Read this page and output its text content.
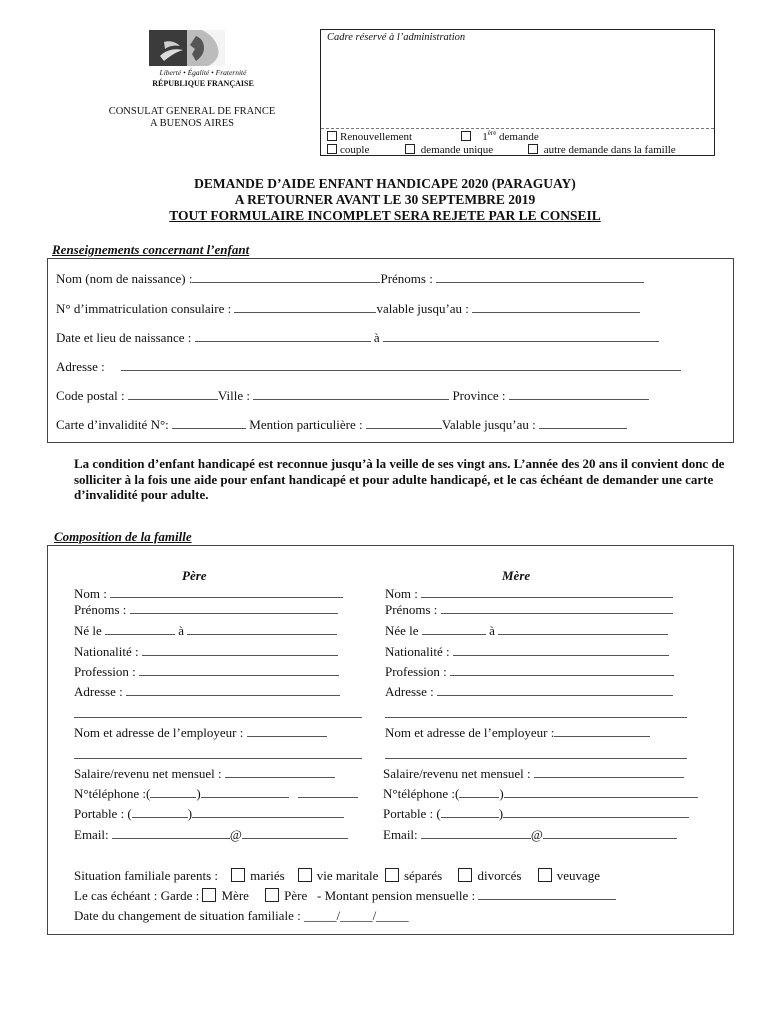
Liberté • Égalité • Fraternité
RÉPUBLIQUE FRANÇAISE
CONSULAT GENERAL DE FRANCE
A BUENOS AIRES
Cadre réservé à l’administration
Renouvellement	1ère demande
couple	demande unique	autre demande dans la famille
DEMANDE D’AIDE ENFANT HANDICAPE 2020 (PARAGUAY)
A RETOURNER AVANT LE 30 SEPTEMBRE 2019
TOUT FORMULAIRE INCOMPLET SERA REJETE PAR LE CONSEIL
Renseignements concernant l’enfant
Nom (nom de naissance) :	Prénoms :
N° d’immatriculation consulaire :	valable jusqu’au :
Date et lieu de naissance :	à
Adresse :
Code postal :	Ville :	Province :
Carte d’invalidité N°:	Mention particulière :	Valable jusqu’au :
La condition d’enfant handicapé est reconnue jusqu’à la veille de ses vingt ans. L’année des 20 ans il convient donc de solliciter à la fois une aide pour enfant handicapé et pour adulte handicapé, et le cas échéant de demander une carte d’invalidité pour adulte.
Composition de la famille
Père
Nom :
Prénoms :
Né le	à
Nationalité :
Profession :
Adresse :
Nom et adresse de l’employeur :
Salaire/revenu net mensuel :
N°téléphone :(	)
Portable : (	)
Email:	@
Mère
Nom :
Prénoms :
Née le	à
Nationalité :
Profession :
Adresse :
Nom et adresse de l’employeur :
Salaire/revenu net mensuel :
N°téléphone :(	)
Portable : (	)
Email:	@
Situation familiale parents : mariés vie maritale séparés	divorcés	veuvage
Le cas échéant : Garde : Mère	Père - Montant pension mensuelle :
Date du changement de situation familiale : _____/_____/_____
